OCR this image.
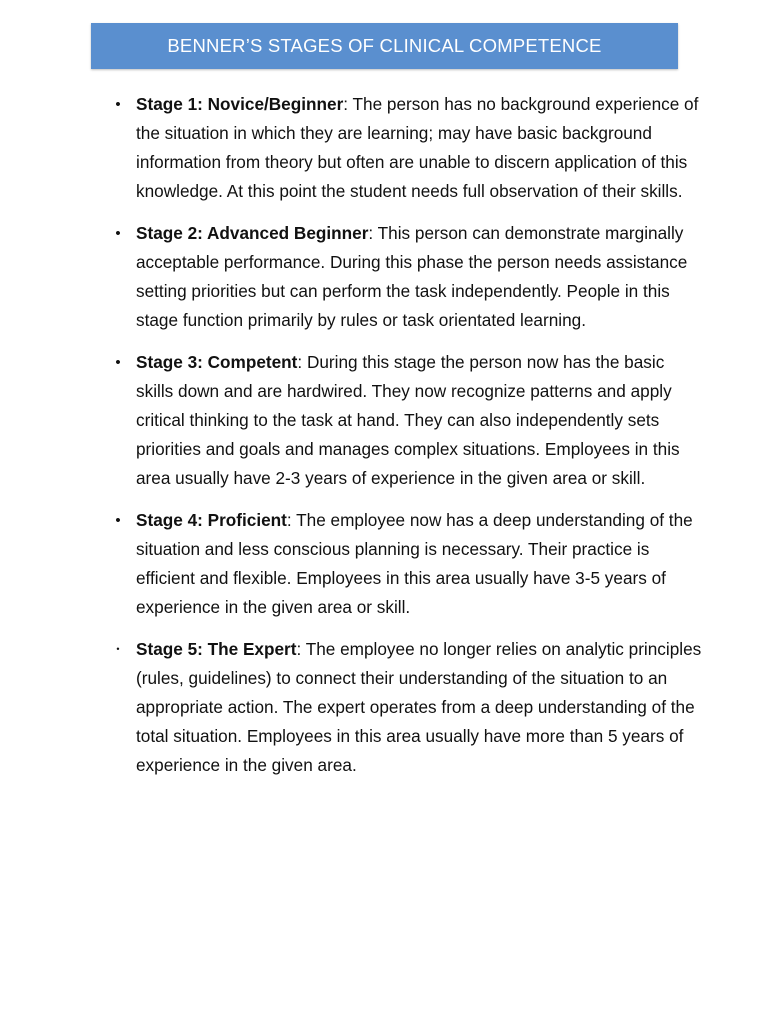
BENNER’S STAGES OF CLINICAL COMPETENCE
• Stage 1: Novice/Beginner: The person has no background experience of the situation in which they are learning; may have basic background information from theory but often are unable to discern application of this knowledge. At this point the student needs full observation of their skills.
• Stage 2: Advanced Beginner: This person can demonstrate marginally acceptable performance. During this phase the person needs assistance setting priorities but can perform the task independently. People in this stage function primarily by rules or task orientated learning.
• Stage 3: Competent: During this stage the person now has the basic skills down and are hardwired. They now recognize patterns and apply critical thinking to the task at hand. They can also independently sets priorities and goals and manages complex situations. Employees in this area usually have 2-3 years of experience in the given area or skill.
• Stage 4: Proficient: The employee now has a deep understanding of the situation and less conscious planning is necessary. Their practice is efficient and flexible. Employees in this area usually have 3-5 years of experience in the given area or skill.
• Stage 5: The Expert: The employee no longer relies on analytic principles (rules, guidelines) to connect their understanding of the situation to an appropriate action. The expert operates from a deep understanding of the total situation. Employees in this area usually have more than 5 years of experience in the given area.
